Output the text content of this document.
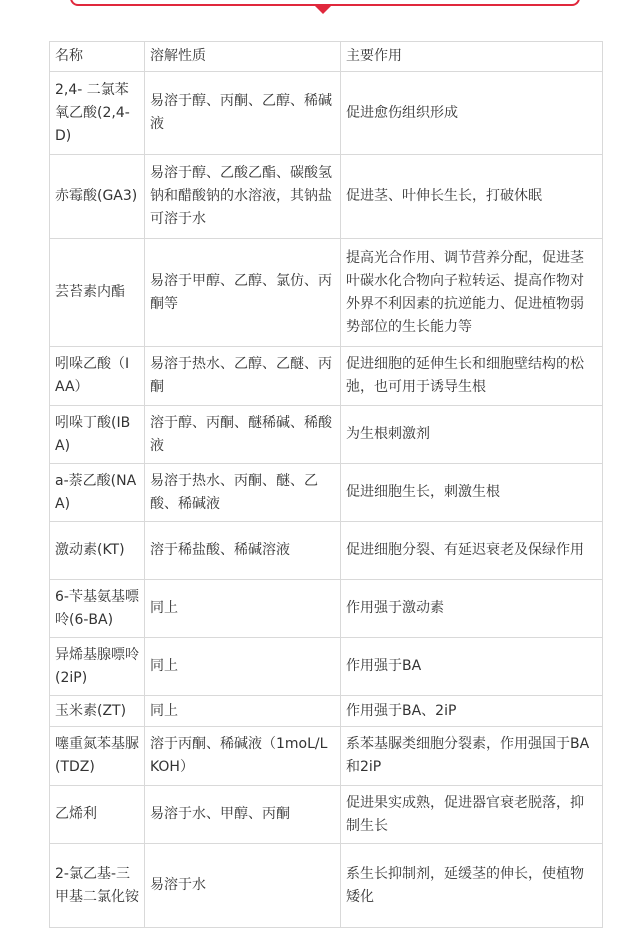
名称	溶解性质	主要作用
2,4- 二氯苯氧乙酸(2,4-D)	易溶于醇、丙酮、乙醇、稀碱液	促进愈伤组织形成
赤霉酸(GA3)	易溶于醇、乙酸乙酯、碳酸氢钠和醋酸钠的水溶液，其钠盐可溶于水	促进茎、叶伸长生长，打破休眠
芸苔素内酯	易溶于甲醇、乙醇、氯仿、丙酮等	提高光合作用、调节营养分配，促进茎叶碳水化合物向子粒转运、提高作物对外界不利因素的抗逆能力、促进植物弱势部位的生长能力等
吲哚乙酸（IAA）	易溶于热水、乙醇、乙醚、丙酮	促进细胞的延伸生长和细胞壁结构的松弛，也可用于诱导生根
吲哚丁酸(IBA)	溶于醇、丙酮、醚稀碱、稀酸液	为生根刺激剂
a-萘乙酸(NAA)	易溶于热水、丙酮、醚、乙酸、稀碱液	促进细胞生长，刺激生根
激动素(KT)	溶于稀盐酸、稀碱溶液	促进细胞分裂、有延迟衰老及保绿作用
6-苄基氨基嘌呤(6-BA)	同上	作用强于激动素
异烯基腺嘌呤(2iP)	同上	作用强于BA
玉米素(ZT)	同上	作用强于BA、2iP
噻重氮苯基脲(TDZ)	溶于丙酮、稀碱液（1moL/LKOH）	系苯基脲类细胞分裂素，作用强国于BA和2iP
乙烯利	易溶于水、甲醇、丙酮	促进果实成熟，促进器官衰老脱落，抑制生长
2-氯乙基-三甲基二氯化铵	易溶于水	系生长抑制剂，延缓茎的伸长，使植物矮化
